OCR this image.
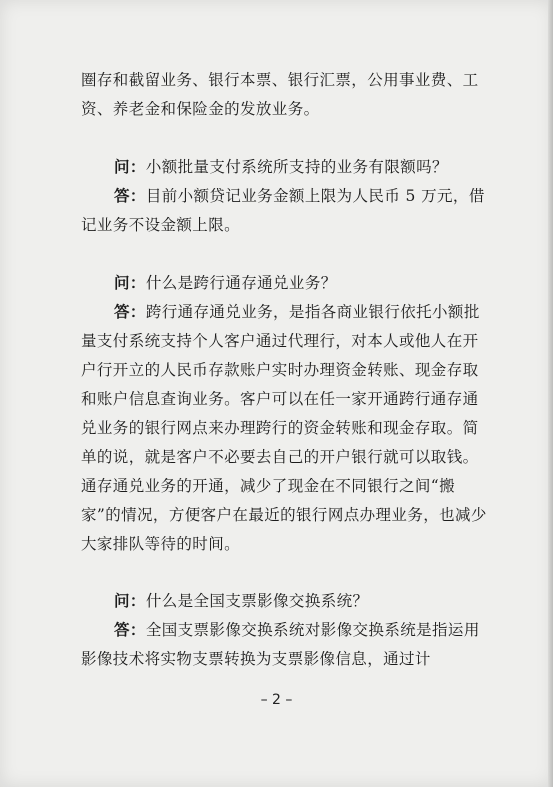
圈存和截留业务、银行本票、银行汇票，公用事业费、工资、养老金和保险金的发放业务。

问：小额批量支付系统所支持的业务有限额吗？

答：目前小额贷记业务金额上限为人民币 5 万元，借记业务不设金额上限。

问：什么是跨行通存通兑业务？

答：跨行通存通兑业务，是指各商业银行依托小额批量支付系统支持个人客户通过代理行，对本人或他人在开户行开立的人民币存款账户实时办理资金转账、现金存取和账户信息查询业务。客户可以在任一家开通跨行通存通兑业务的银行网点来办理跨行的资金转账和现金存取。简单的说，就是客户不必要去自己的开户银行就可以取钱。通存通兑业务的开通，减少了现金在不同银行之间“搬家”的情况，方便客户在最近的银行网点办理业务，也减少大家排队等待的时间。

问：什么是全国支票影像交换系统？

答：全国支票影像交换系统对影像交换系统是指运用影像技术将实物支票转换为支票影像信息，通过计

– 2 –
